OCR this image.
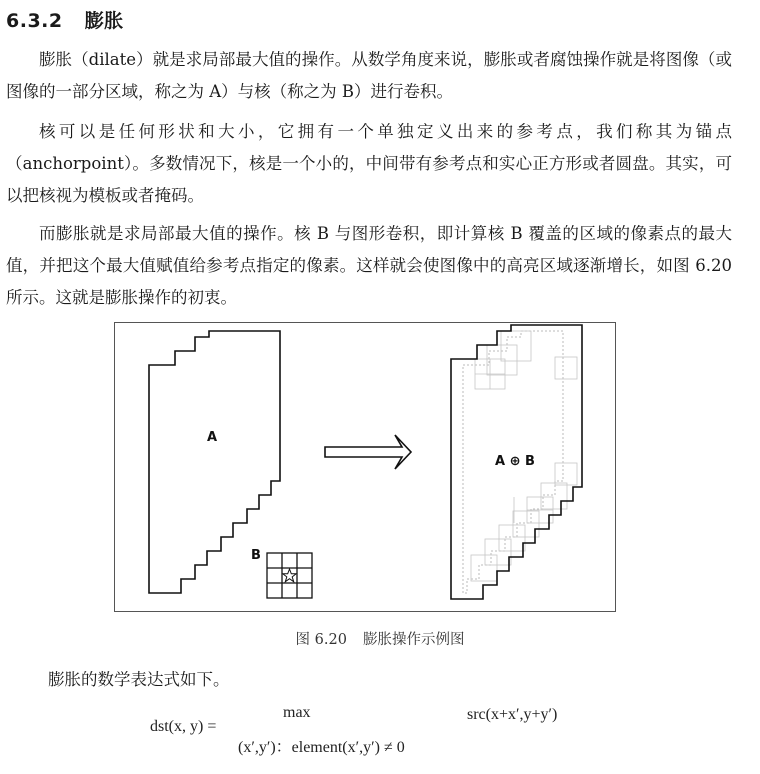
6.3.2 膨胀
膨胀（dilate）就是求局部最大值的操作。从数学角度来说，膨胀或者腐蚀操作就是将图像（或图像的一部分区域，称之为 A）与核（称之为 B）进行卷积。
核可以是任何形状和大小，它拥有一个单独定义出来的参考点，我们称其为锚点（anchorpoint）。多数情况下，核是一个小的，中间带有参考点和实心正方形或者圆盘。其实，可以把核视为模板或者掩码。
而膨胀就是求局部最大值的操作。核 B 与图形卷积，即计算核 B 覆盖的区域的像素点的最大值，并把这个最大值赋值给参考点指定的像素。这样就会使图像中的高亮区域逐渐增长，如图 6.20 所示。这就是膨胀操作的初衷。
A
B
A ⊕ B
图 6.20 膨胀操作示例图
膨胀的数学表达式如下。
dst(x, y) =
max
(x′,y′)：element(x′,y′) ≠ 0
src(x+x′,y+y′)
